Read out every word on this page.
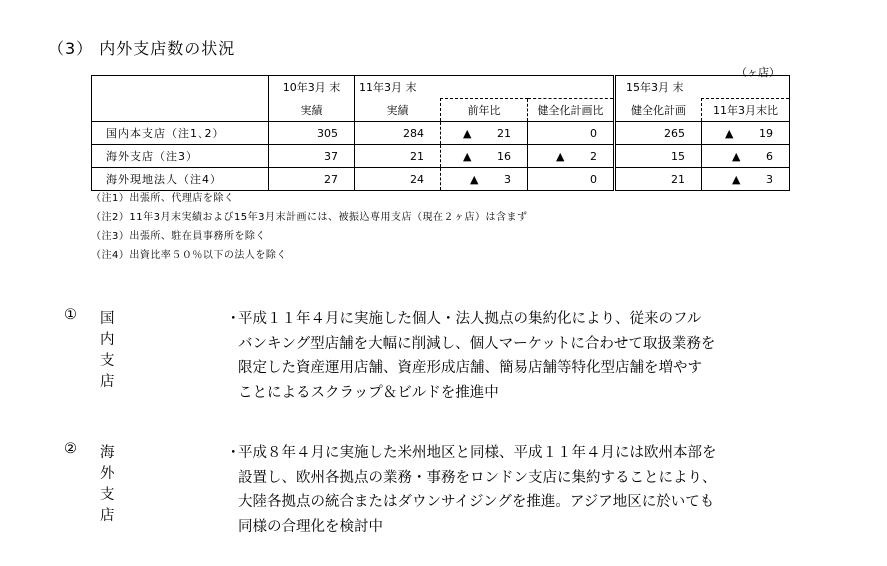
（3） 内外支店数の状況
（ヶ店）
	10年3月 末	11年3月 末			15年3月 末	
	実績	実績	前年比	健全化計画比	健全化計画	11年3月末比
国内本支店（注1､2）	305	284	▲ 21	0	265	▲ 19
海外支店（注3）	37	21	▲ 16	▲ 2	15	▲ 6
海外現地法人（注4）	27	24	▲ 3	0	21	▲ 3
（注1）出張所、代理店を除く
（注2）11年3月末実績および15年3月末計画には、被振込専用支店（現在２ヶ店）は含まず
（注3）出張所、駐在員事務所を除く
（注4）出資比率５０％以下の法人を除く
① 国内支店
・

平成１１年４月に実施した個人・法人拠点の集約化により、従来のフル

バンキング型店舗を大幅に削減し、個人マーケットに合わせて取扱業務を

限定した資産運用店舗、資産形成店舗、簡易店舗等特化型店舗を増やす

ことによるスクラップ＆ビルドを推進中

② 海外支店
・

平成８年４月に実施した米州地区と同様、平成１１年４月には欧州本部を

設置し、欧州各拠点の業務・事務をロンドン支店に集約することにより、

大陸各拠点の統合またはダウンサイジングを推進。アジア地区に於いても

同様の合理化を検討中
